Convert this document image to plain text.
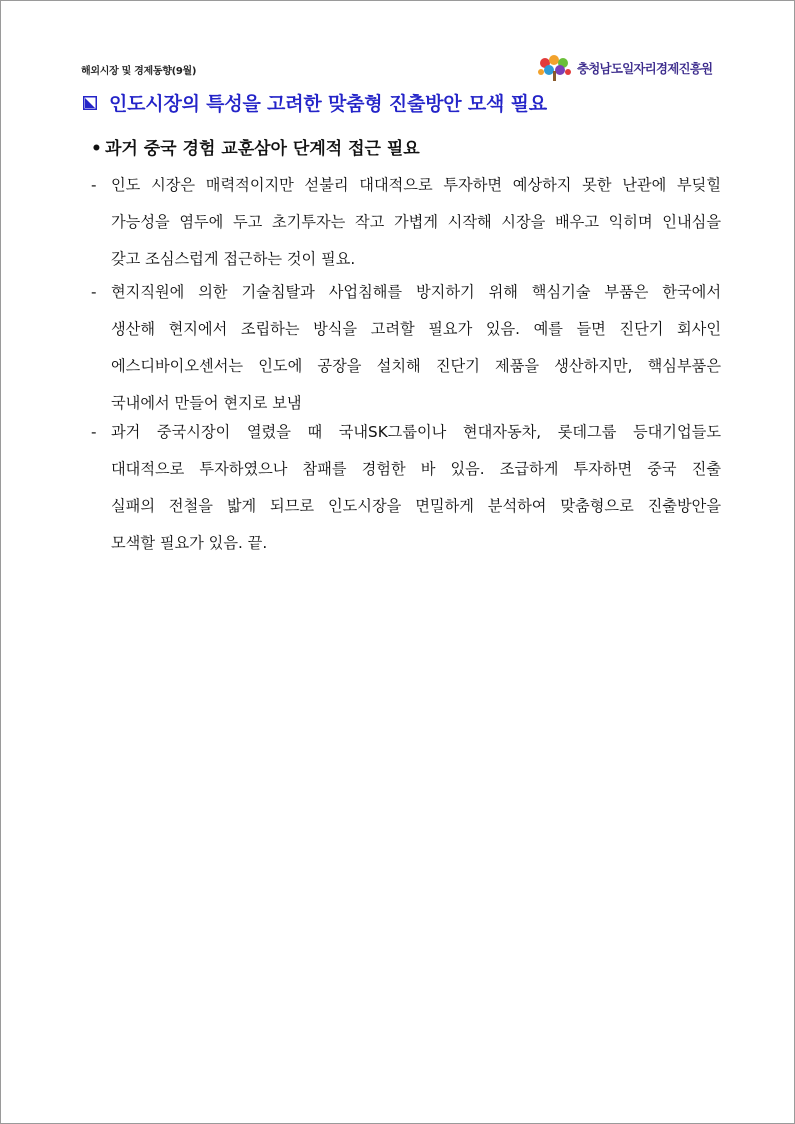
해외시장 및 경제동향(9월)	충청남도일자리경제진흥원
인도시장의 특성을 고려한 맞춤형 진출방안 모색 필요
• 과거 중국 경험 교훈삼아 단계적 접근 필요
- 인도 시장은 매력적이지만 섣불리 대대적으로 투자하면 예상하지 못한 난관에 부딪힐
가능성을 염두에 두고 초기투자는 작고 가볍게 시작해 시장을 배우고 익히며 인내심을
갖고 조심스럽게 접근하는 것이 필요.
- 현지직원에 의한 기술침탈과 사업침해를 방지하기 위해 핵심기술 부품은 한국에서
생산해 현지에서 조립하는 방식을 고려할 필요가 있음. 예를 들면 진단기 회사인
에스디바이오센서는 인도에 공장을 설치해 진단기 제품을 생산하지만, 핵심부품은
국내에서 만들어 현지로 보냄
- 과거 중국시장이 열렸을 때 국내SK그룹이나 현대자동차, 롯데그룹 등대기업들도
대대적으로 투자하였으나 참패를 경험한 바 있음. 조급하게 투자하면 중국 진출
실패의 전철을 밟게 되므로 인도시장을 면밀하게 분석하여 맞춤형으로 진출방안을
모색할 필요가 있음. 끝.
